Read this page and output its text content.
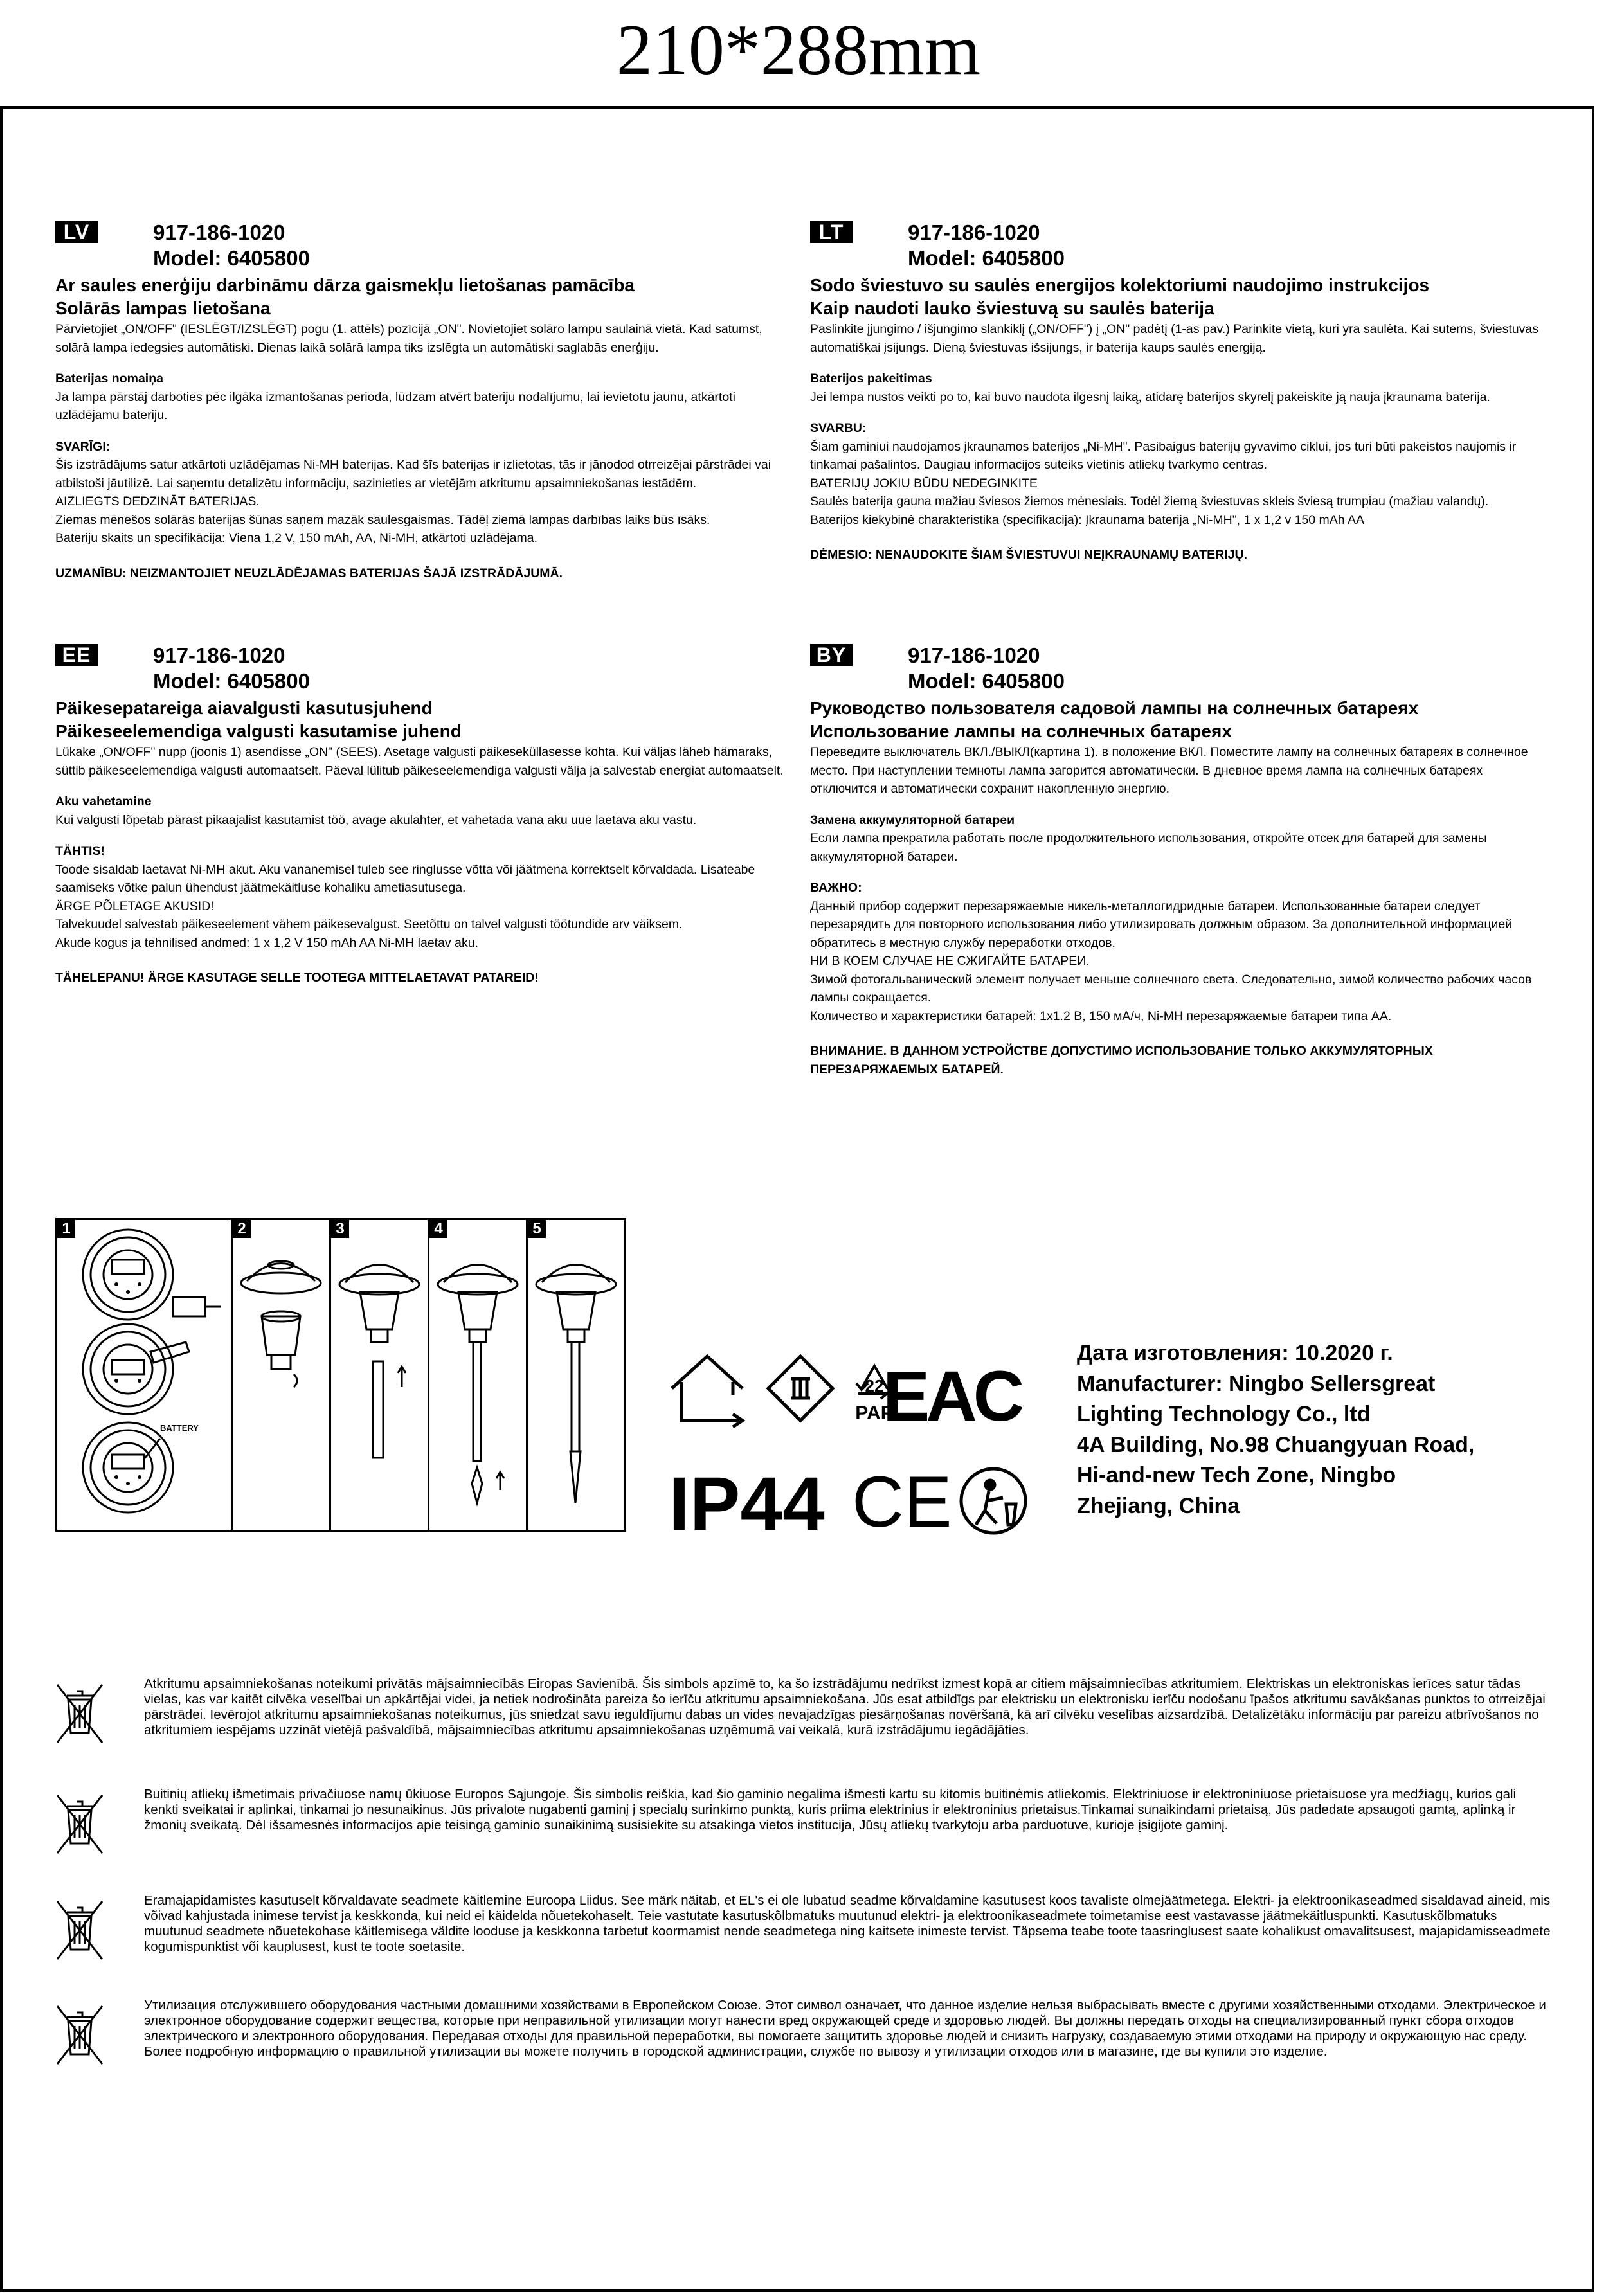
210*288mm
LV	917-186-1020
Model: 6405800
Ar saules enerģiju darbināmu dārza gaismekļu lietošanas pamācība
Solārās lampas lietošana

Pārvietojiet „ON/OFF" (IESLĒGT/IZSLĒGT) pogu (1. attēls) pozīcijā „ON". Novietojiet solāro lampu saulainā vietā. Kad satumst, solārā lampa iedegsies automātiski. Dienas laikā solārā lampa tiks izslēgta un automātiski saglabās enerģiju.

Baterijas nomaiņa

Ja lampa pārstāj darboties pēc ilgāka izmantošanas perioda, lūdzam atvērt bateriju nodalījumu, lai ievietotu jaunu, atkārtoti uzlādējamu bateriju.

SVARĪGI:

Šis izstrādājums satur atkārtoti uzlādējamas Ni-MH baterijas. Kad šīs baterijas ir izlietotas, tās ir jānodod otrreizējai pārstrādei vai atbilstoši jāutilizē. Lai saņemtu detalizētu informāciju, sazinieties ar vietējām atkritumu apsaimniekošanas iestādēm.

AIZLIEGTS DEDZINĀT BATERIJAS.

Ziemas mēnešos solārās baterijas šūnas saņem mazāk saulesgaismas. Tādēļ ziemā lampas darbības laiks būs īsāks.

Bateriju skaits un specifikācija: Viena 1,2 V, 150 mAh, AA, Ni-MH, atkārtoti uzlādējama.

UZMANĪBU: NEIZMANTOJIET NEUZLĀDĒJAMAS BATERIJAS ŠAJĀ IZSTRĀDĀJUMĀ.

LT	917-186-1020
Model: 6405800
Sodo šviestuvo su saulės energijos kolektoriumi naudojimo instrukcijos
Kaip naudoti lauko šviestuvą su saulės baterija

Paslinkite įjungimo / išjungimo slankiklį („ON/OFF") į „ON" padėtį (1-as pav.) Parinkite vietą, kuri yra saulėta. Kai sutems, šviestuvas automatiškai įsijungs. Dieną šviestuvas išsijungs, ir baterija kaups saulės energiją.

Baterijos pakeitimas

Jei lempa nustos veikti po to, kai buvo naudota ilgesnį laiką, atidarę baterijos skyrelį pakeiskite ją nauja įkraunama baterija.

SVARBU:

Šiam gaminiui naudojamos įkraunamos baterijos „Ni-MH". Pasibaigus baterijų gyvavimo ciklui, jos turi būti pakeistos naujomis ir tinkamai pašalintos. Daugiau informacijos suteiks vietinis atliekų tvarkymo centras.

BATERIJŲ JOKIU BŪDU NEDEGINKITE

Saulės baterija gauna mažiau šviesos žiemos mėnesiais. Todėl žiemą šviestuvas skleis šviesą trumpiau (mažiau valandų).

Baterijos kiekybinė charakteristika (specifikacija): Įkraunama baterija „Ni-MH", 1 x 1,2 v 150 mAh AA

DĖMESIO: NENAUDOKITE ŠIAM ŠVIESTUVUI NEĮKRAUNAMŲ BATERIJŲ.

EE	917-186-1020
Model: 6405800
Päikesepatareiga aiavalgusti kasutusjuhend
Päikeseelemendiga valgusti kasutamise juhend

Lükake „ON/OFF" nupp (joonis 1) asendisse „ON" (SEES). Asetage valgusti päikeseküllasesse kohta. Kui väljas läheb hämaraks, süttib päikeseelemendiga valgusti automaatselt. Päeval lülitub päikeseelemendiga valgusti välja ja salvestab energiat automaatselt.

Aku vahetamine

Kui valgusti lõpetab pärast pikaajalist kasutamist töö, avage akulahter, et vahetada vana aku uue laetava aku vastu.

TÄHTIS!

Toode sisaldab laetavat Ni-MH akut. Aku vananemisel tuleb see ringlusse võtta või jäätmena korrektselt kõrvaldada. Lisateabe saamiseks võtke palun ühendust jäätmekäitluse kohaliku ametiasutusega.

ÄRGE PÕLETAGE AKUSID!

Talvekuudel salvestab päikeseelement vähem päikesevalgust. Seetõttu on talvel valgusti töötundide arv väiksem.

Akude kogus ja tehnilised andmed: 1 x 1,2 V 150 mAh AA Ni-MH laetav aku.

TÄHELEPANU! ÄRGE KASUTAGE SELLE TOOTEGA MITTELAETAVAT PATAREID!

BY	917-186-1020
Model: 6405800
Руководство пользователя садовой лампы на солнечных батареях
Использование лампы на солнечных батареях

Переведите выключатель ВКЛ./ВЫКЛ(картина 1). в положение ВКЛ. Поместите лампу на солнечных батареях в солнечное место. При наступлении темноты лампа загорится автоматически. В дневное время лампа на солнечных батареях отключится и автоматически сохранит накопленную энергию.

Замена аккумуляторной батареи

Если лампа прекратила работать после продолжительного использования, откройте отсек для батарей для замены аккумуляторной батареи.

ВАЖНО:

Данный прибор содержит перезаряжаемые никель-металлогидридные батареи. Использованные батареи следует перезарядить для повторного использования либо утилизировать должным образом. За дополнительной информацией обратитесь в местную службу переработки отходов.

НИ В КОЕМ СЛУЧАЕ НЕ СЖИГАЙТЕ БАТАРЕИ.

Зимой фотогальванический элемент получает меньше солнечного света. Следовательно, зимой количество рабочих часов лампы сокращается.

Количество и характеристики батарей: 1x1.2 В, 150 мА/ч, Ni-MH перезаряжаемые батареи типа AA.

ВНИМАНИЕ. В ДАННОМ УСТРОЙСТВЕ ДОПУСТИМО ИСПОЛЬЗОВАНИЕ ТОЛЬКО АККУМУЛЯТОРНЫХ ПЕРЕЗАРЯЖАЕМЫХ БАТАРЕЙ.

1
BATTERY
2	3	4	5
22
PAP
EAC
IP44 CE
Дата изготовления: 10.2020 г.
Manufacturer: Ningbo Sellersgreat
Lighting Technology Co., ltd
4A Building, No.98 Chuangyuan Road,
Hi-and-new Tech Zone, Ningbo
Zhejiang, China
Atkritumu apsaimniekošanas noteikumi privātās mājsaimniecībās Eiropas Savienībā. Šis simbols apzīmē to, ka šo izstrādājumu nedrīkst izmest kopā ar citiem mājsaimniecības atkritumiem. Elektriskas un elektroniskas ierīces satur tādas vielas, kas var kaitēt cilvēka veselībai un apkārtējai videi, ja netiek nodrošināta pareiza šo ierīču atkritumu apsaimniekošana. Jūs esat atbildīgs par elektrisku un elektronisku ierīču nodošanu īpašos atkritumu savākšanas punktos to otrreizējai pārstrādei. Ievērojot atkritumu apsaimniekošanas noteikumus, jūs sniedzat savu ieguldījumu dabas un vides nevajadzīgas piesārņošanas novēršanā, kā arī cilvēku veselības aizsardzībā. Detalizētāku informāciju par pareizu atbrīvošanos no atkritumiem iespējams uzzināt vietējā pašvaldībā, mājsaimniecības atkritumu apsaimniekošanas uzņēmumā vai veikalā, kurā izstrādājumu iegādājāties.
Buitinių atliekų išmetimais privačiuose namų ūkiuose Europos Sąjungoje. Šis simbolis reiškia, kad šio gaminio negalima išmesti kartu su kitomis buitinėmis atliekomis. Elektriniuose ir elektroniniuose prietaisuose yra medžiagų, kurios gali kenkti sveikatai ir aplinkai, tinkamai jo nesunaikinus. Jūs privalote nugabenti gaminį į specialų surinkimo punktą, kuris priima elektrinius ir elektroninius prietaisus.Tinkamai sunaikindami prietaisą, Jūs padedate apsaugoti gamtą, aplinką ir žmonių sveikatą. Dėl išsamesnės informacijos apie teisingą gaminio sunaikinimą susisiekite su atsakinga vietos institucija, Jūsų atliekų tvarkytoju arba parduotuve, kurioje įsigijote gaminį.
Eramajapidamistes kasutuselt kõrvaldavate seadmete käitlemine Euroopa Liidus. See märk näitab, et EL's ei ole lubatud seadme kõrvaldamine kasutusest koos tavaliste olmejäätmetega. Elektri- ja elektroonikaseadmed sisaldavad aineid, mis võivad kahjustada inimese tervist ja keskkonda, kui neid ei käidelda nõuetekohaselt. Teie vastutate kasutuskõlbmatuks muutunud elektri- ja elektroonikaseadmete toimetamise eest vastavasse jäätmekäitluspunkti. Kasutuskõlbmatuks muutunud seadmete nõuetekohase käitlemisega väldite looduse ja keskkonna tarbetut koormamist nende seadmetega ning kaitsete inimeste tervist. Täpsema teabe toote taasringlusest saate kohalikust omavalitsusest, majapidamisseadmete kogumispunktist või kauplusest, kust te toote soetasite.
Утилизация отслужившего оборудования частными домашними хозяйствами в Европейском Союзе. Этот символ означает, что данное изделие нельзя выбрасывать вместе с другими хозяйственными отходами. Электрическое и электронное оборудование содержит вещества, которые при неправильной утилизации могут нанести вред окружающей среде и здоровью людей. Вы должны передать отходы на специализированный пункт сбора отходов электрического и электронного оборудования. Передавая отходы для правильной переработки, вы помогаете защитить здоровье людей и снизить нагрузку, создаваемую этими отходами на природу и окружающую нас среду. Более подробную информацию о правильной утилизации вы можете получить в городской администрации, службе по вывозу и утилизации отходов или в магазине, где вы купили это изделие.
